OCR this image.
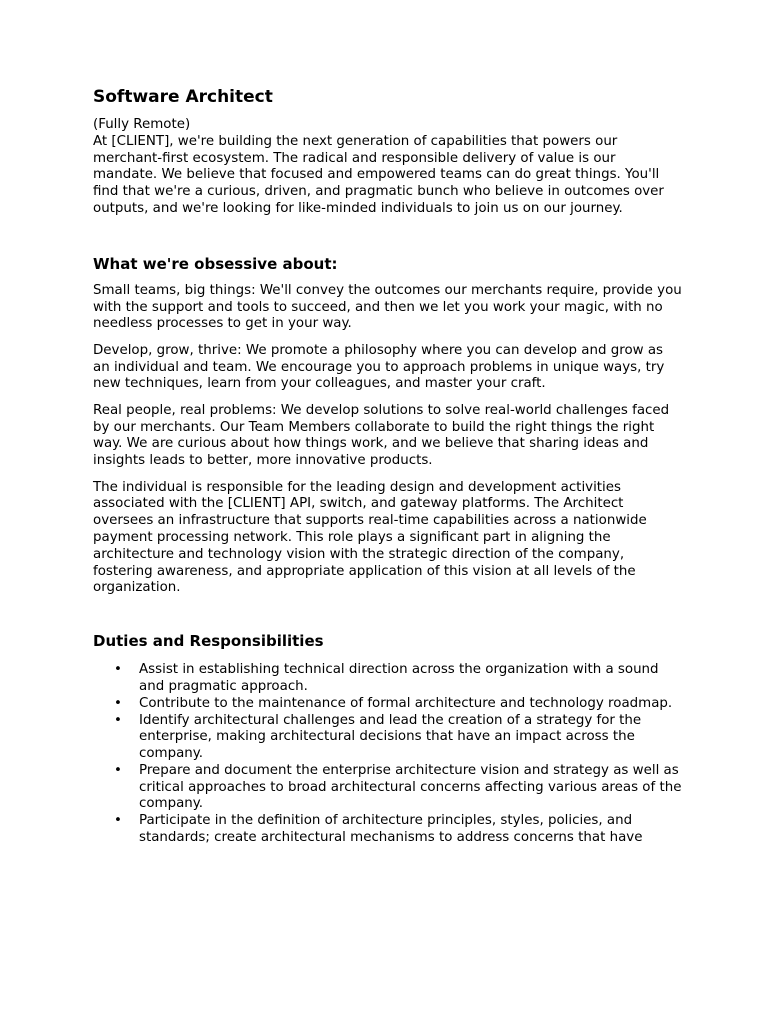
Software Architect

(Fully Remote)

At [CLIENT], we're building the next generation of capabilities that powers our merchant-first ecosystem. The radical and responsible delivery of value is our mandate. We believe that focused and empowered teams can do great things. You'll find that we're a curious, driven, and pragmatic bunch who believe in outcomes over outputs, and we're looking for like-minded individuals to join us on our journey.

What we're obsessive about:

Small teams, big things: We'll convey the outcomes our merchants require, provide you with the support and tools to succeed, and then we let you work your magic, with no needless processes to get in your way.

Develop, grow, thrive: We promote a philosophy where you can develop and grow as an individual and team. We encourage you to approach problems in unique ways, try new techniques, learn from your colleagues, and master your craft.

Real people, real problems: We develop solutions to solve real-world challenges faced by our merchants. Our Team Members collaborate to build the right things the right way. We are curious about how things work, and we believe that sharing ideas and insights leads to better, more innovative products.

The individual is responsible for the leading design and development activities associated with the [CLIENT] API, switch, and gateway platforms. The Architect oversees an infrastructure that supports real-time capabilities across a nationwide payment processing network. This role plays a significant part in aligning the architecture and technology vision with the strategic direction of the company, fostering awareness, and appropriate application of this vision at all levels of the organization.

Duties and Responsibilities
• Assist in establishing technical direction across the organization with a sound and pragmatic approach.
• Contribute to the maintenance of formal architecture and technology roadmap.
• Identify architectural challenges and lead the creation of a strategy for the enterprise, making architectural decisions that have an impact across the company.
• Prepare and document the enterprise architecture vision and strategy as well as critical approaches to broad architectural concerns affecting various areas of the company.
• Participate in the definition of architecture principles, styles, policies, and standards; create architectural mechanisms to address concerns that have
